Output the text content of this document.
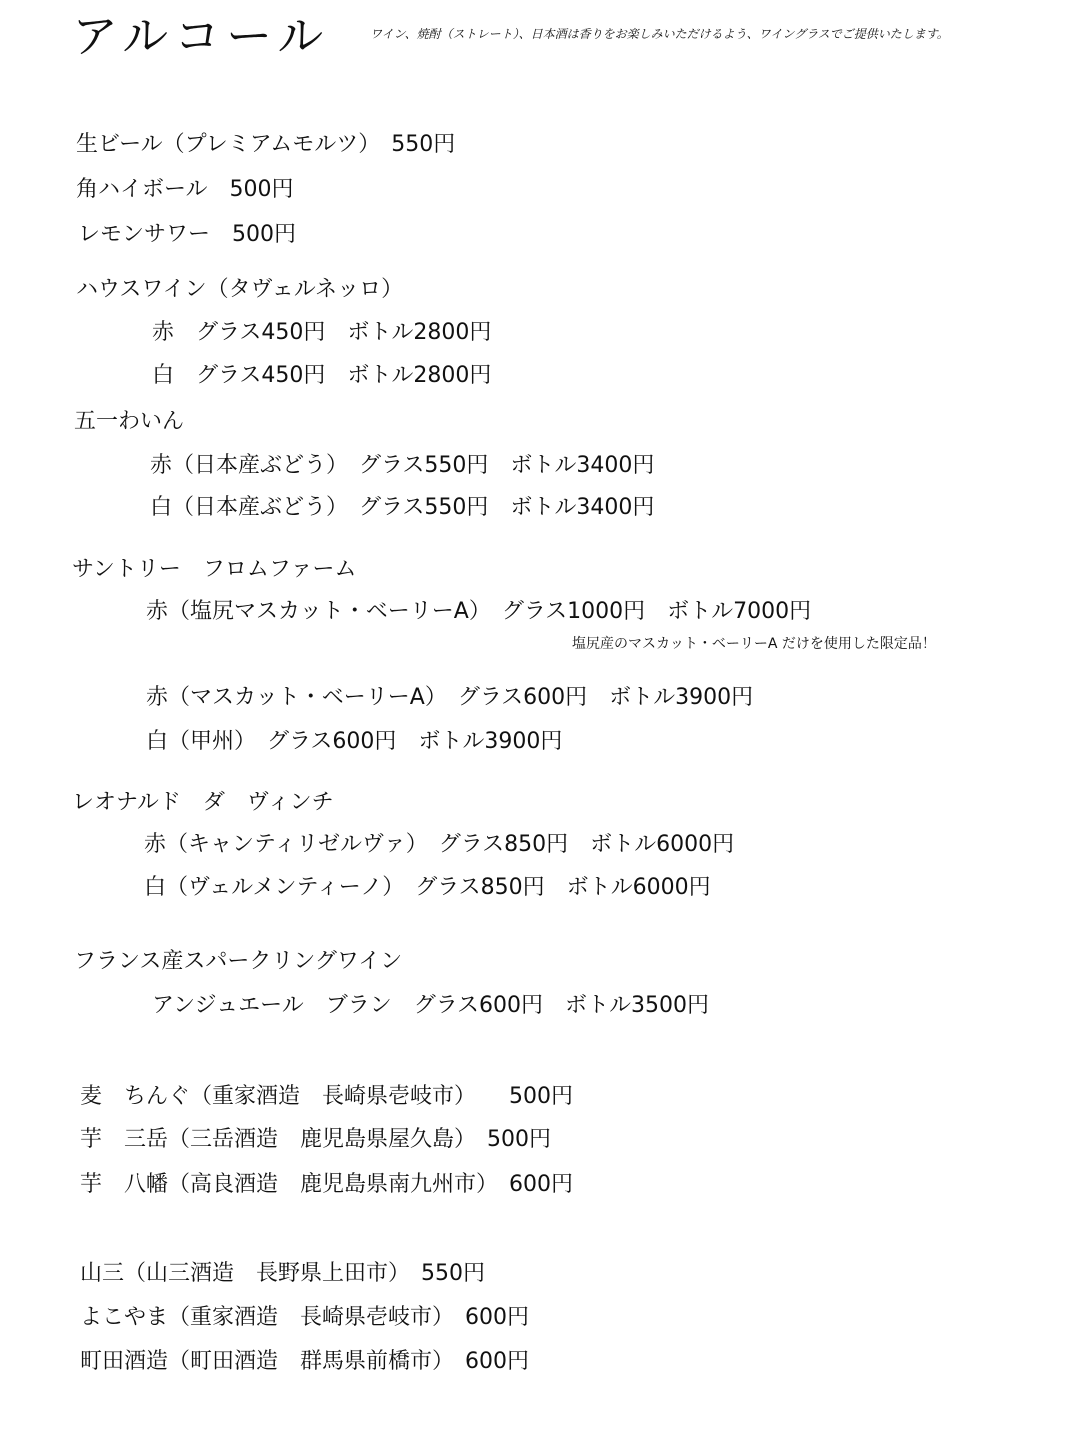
アルコール	ワイン、焼酎（ストレート）、日本酒は香りをお楽しみいただけるよう、ワイングラスでご提供いたします。
生ビール（プレミアムモルツ）　550円
角ハイボール　500円
レモンサワー　500円
ハウスワイン（タヴェルネッロ）
赤　グラス450円　ボトル2800円
白　グラス450円　ボトル2800円
五一わいん
赤（日本産ぶどう）　グラス550円　ボトル3400円
白（日本産ぶどう）　グラス550円　ボトル3400円
サントリー　フロムファーム
赤（塩尻マスカット・ベーリーA）　グラス1000円　ボトル7000円
塩尻産のマスカット・ベーリーA だけを使用した限定品！
赤（マスカット・ベーリーA）　グラス600円　ボトル3900円
白（甲州）　グラス600円　ボトル3900円
レオナルド　ダ　ヴィンチ
赤（キャンティリゼルヴァ）　グラス850円　ボトル6000円
白（ヴェルメンティーノ）　グラス850円　ボトル6000円
フランス産スパークリングワイン
アンジュエール　ブラン　グラス600円　ボトル3500円
麦　ちんぐ（重家酒造　長崎県壱岐市）　　500円
芋　三岳（三岳酒造　鹿児島県屋久島）　500円
芋　八幡（高良酒造　鹿児島県南九州市）　600円
山三（山三酒造　長野県上田市）　550円
よこやま（重家酒造　長崎県壱岐市）　600円
町田酒造（町田酒造　群馬県前橋市）　600円
